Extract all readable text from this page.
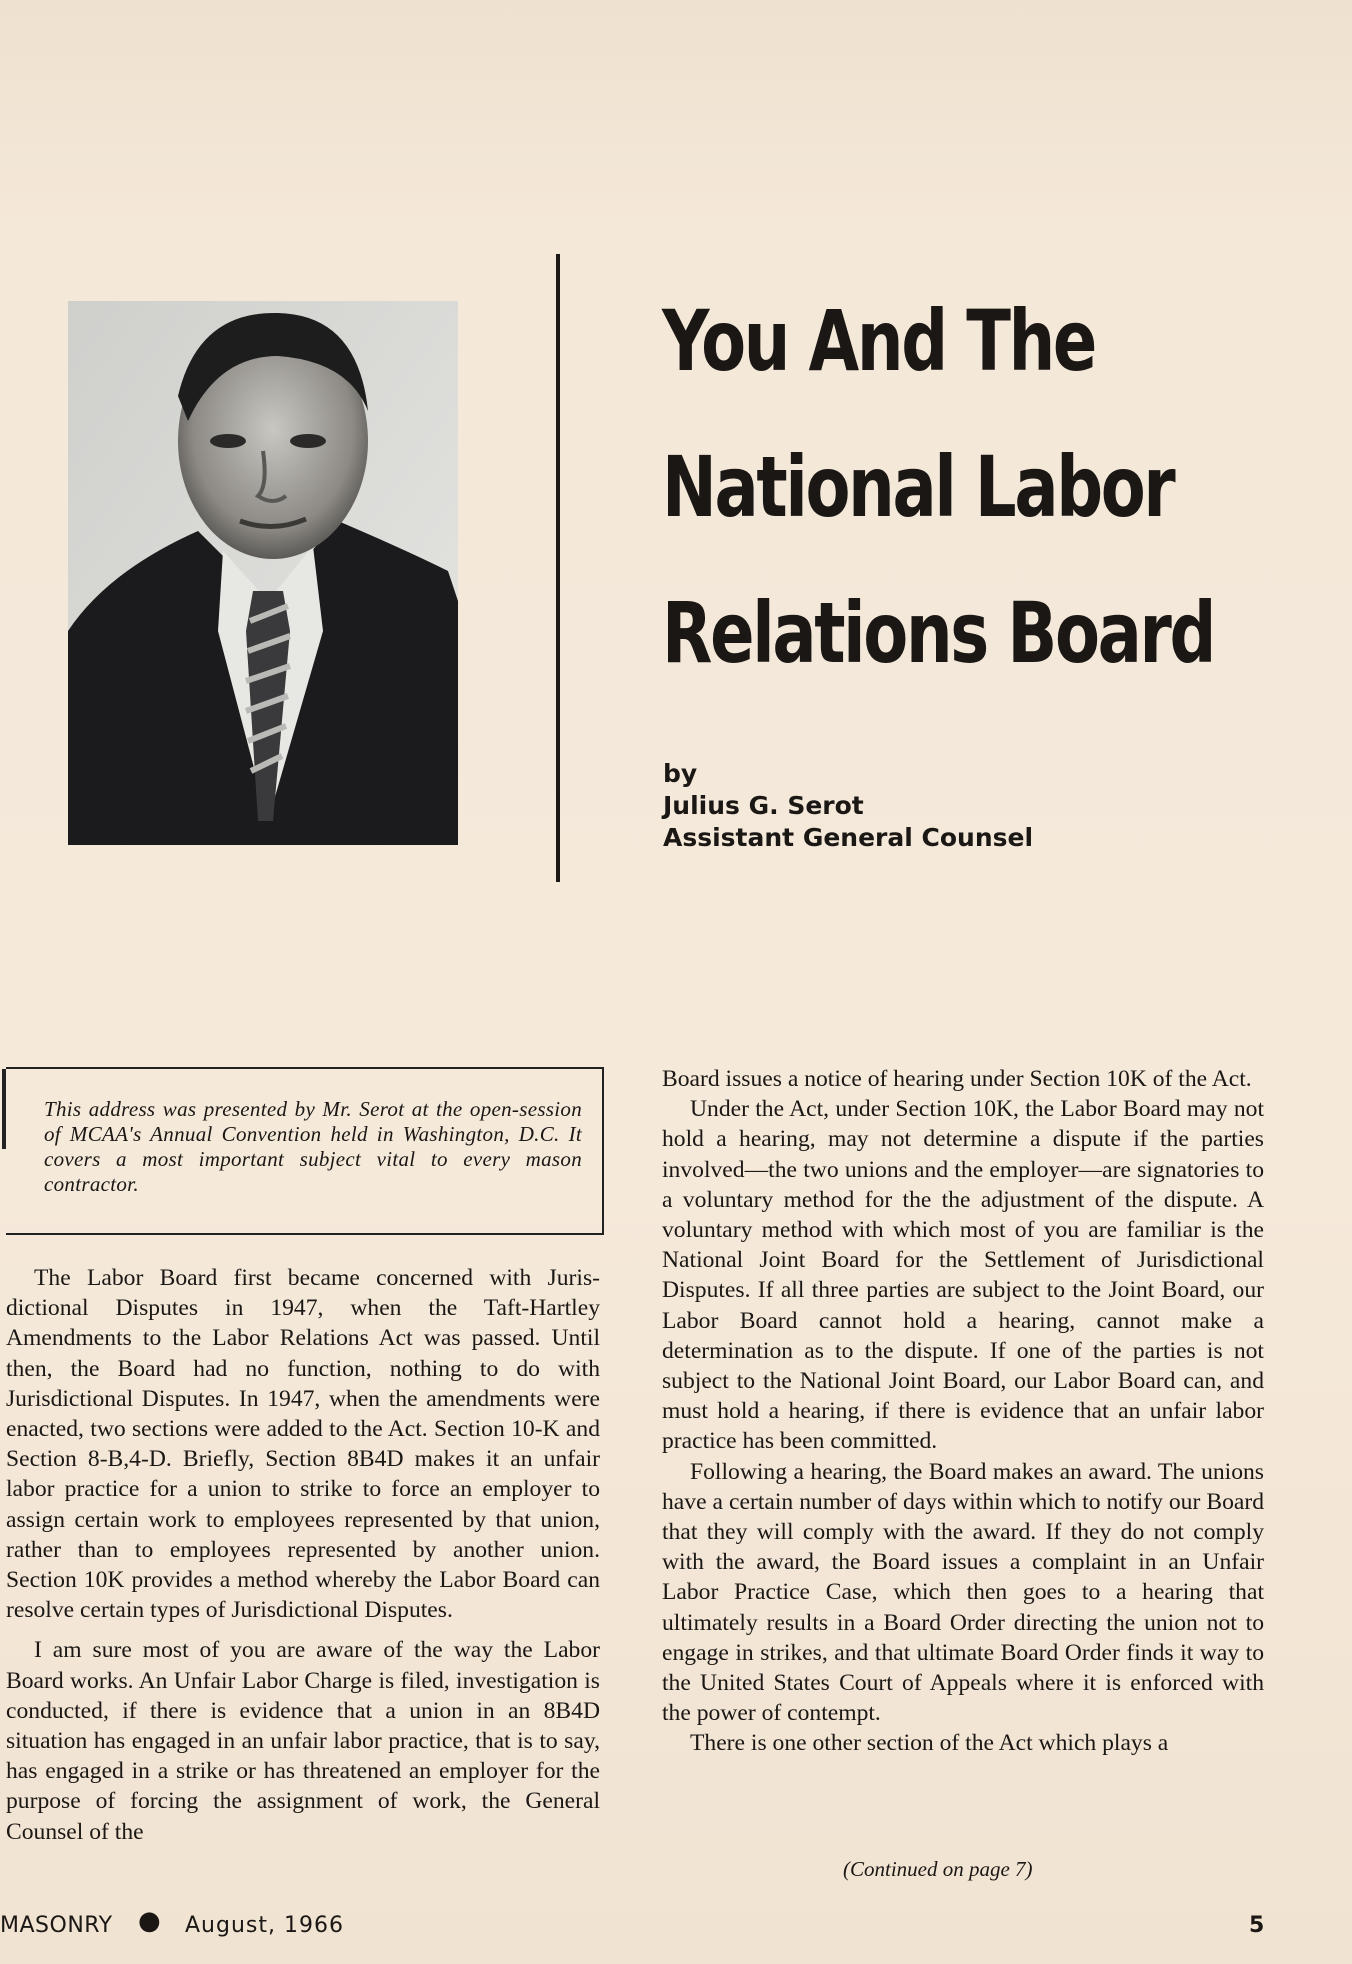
You And The
National Labor
Relations Board
by
Julius G. Serot
Assistant General Counsel

This address was presented by Mr. Serot at the open-session of MCAA's Annual Convention held in Washington, D.C. It covers a most important subject vital to every mason contractor.

The Labor Board first became concerned with Juris-dictional Disputes in 1947, when the Taft-Hartley Amendments to the Labor Relations Act was passed. Until then, the Board had no function, nothing to do with Jurisdictional Disputes. In 1947, when the amendments were enacted, two sections were added to the Act. Section 10-K and Section 8-B,4-D. Briefly, Section 8B4D makes it an unfair labor practice for a union to strike to force an employer to assign certain work to employees represented by that union, rather than to employees represented by another union. Section 10K provides a method whereby the Labor Board can resolve certain types of Jurisdictional Disputes.

I am sure most of you are aware of the way the Labor Board works. An Unfair Labor Charge is filed, investigation is conducted, if there is evidence that a union in an 8B4D situation has engaged in an unfair labor practice, that is to say, has engaged in a strike or has threatened an employer for the purpose of forcing the assignment of work, the General Counsel of the

Board issues a notice of hearing under Section 10K of the Act.

Under the Act, under Section 10K, the Labor Board may not hold a hearing, may not determine a dispute if the parties involved—the two unions and the employer—are signatories to a voluntary method for the the adjustment of the dispute. A voluntary method with which most of you are familiar is the National Joint Board for the Settlement of Jurisdictional Disputes. If all three parties are subject to the Joint Board, our Labor Board cannot hold a hearing, cannot make a determination as to the dispute. If one of the parties is not subject to the National Joint Board, our Labor Board can, and must hold a hearing, if there is evidence that an unfair labor practice has been committed.

Following a hearing, the Board makes an award. The unions have a certain number of days within which to notify our Board that they will comply with the award. If they do not comply with the award, the Board issues a complaint in an Unfair Labor Practice Case, which then goes to a hearing that ultimately results in a Board Order directing the union not to engage in strikes, and that ultimate Board Order finds it way to the United States Court of Appeals where it is enforced with the power of contempt.

There is one other section of the Act which plays a

(Continued on page 7)
MASONRY ● August, 1966	5
